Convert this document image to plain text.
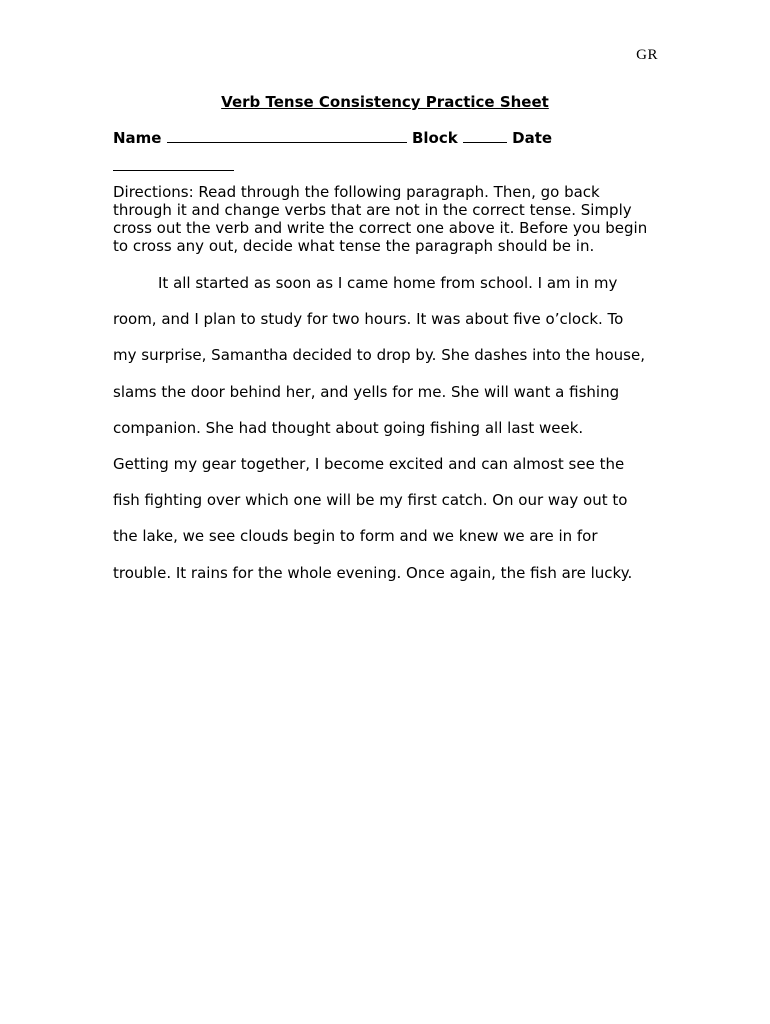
GR
Verb Tense Consistency Practice Sheet
Name	Block	Date

Directions: Read through the following paragraph. Then, go back through it and change verbs that are not in the correct tense. Simply cross out the verb and write the correct one above it. Before you begin to cross any out, decide what tense the paragraph should be in.
It all started as soon as I came home from school. I am in my
room, and I plan to study for two hours. It was about five o’clock. To
my surprise, Samantha decided to drop by. She dashes into the house,
slams the door behind her, and yells for me. She will want a fishing
companion. She had thought about going fishing all last week.
Getting my gear together, I become excited and can almost see the
fish fighting over which one will be my first catch. On our way out to
the lake, we see clouds begin to form and we knew we are in for
trouble. It rains for the whole evening. Once again, the fish are lucky.
